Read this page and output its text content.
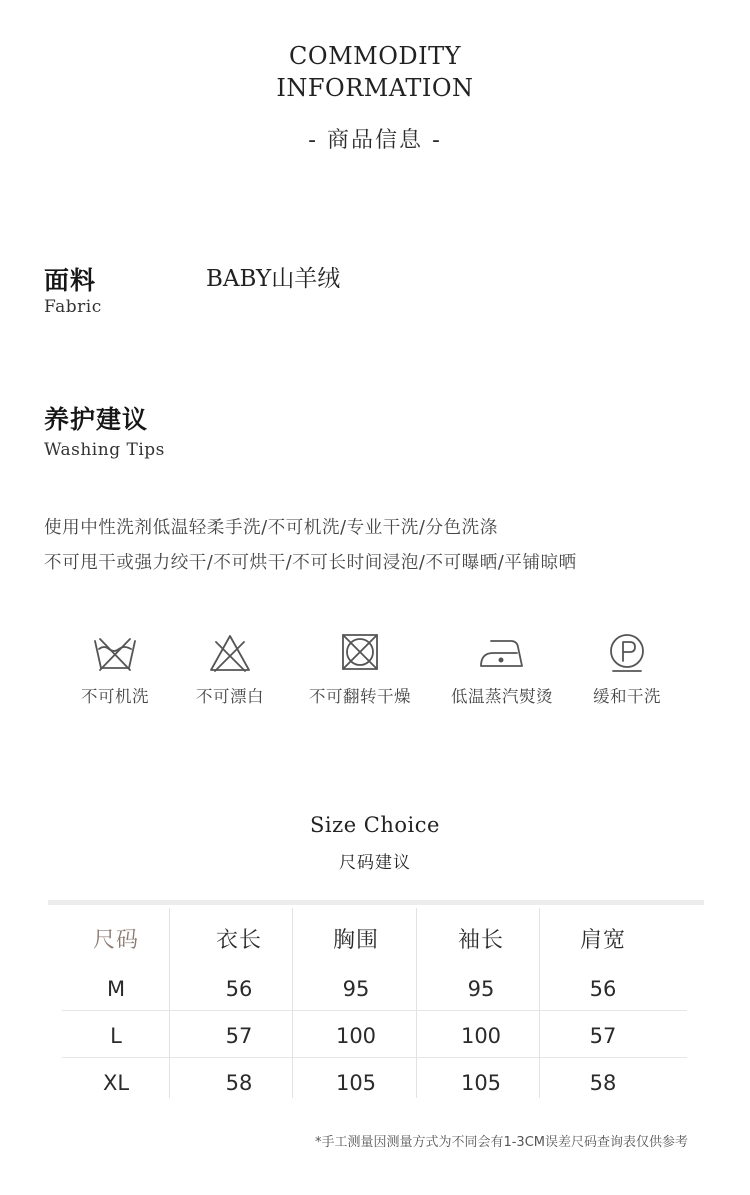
COMMODITY
INFORMATION
- 商品信息 -
面料
Fabric
BABY山羊绒
养护建议
Washing Tips
使用中性洗剂低温轻柔手洗/不可机洗/专业干洗/分色洗涤
不可甩干或强力绞干/不可烘干/不可长时间浸泡/不可曝晒/平铺晾晒
不可机洗	不可漂白	不可翻转干燥	低温蒸汽熨烫	缓和干洗
Size Choice
尺码建议
尺码	衣长	胸围	袖长	肩宽
M	56	95	95	56
L	57	100	100	57
XL	58	105	105	58
*手工测量因测量方式为不同会有1-3CM误差尺码查询表仅供参考
